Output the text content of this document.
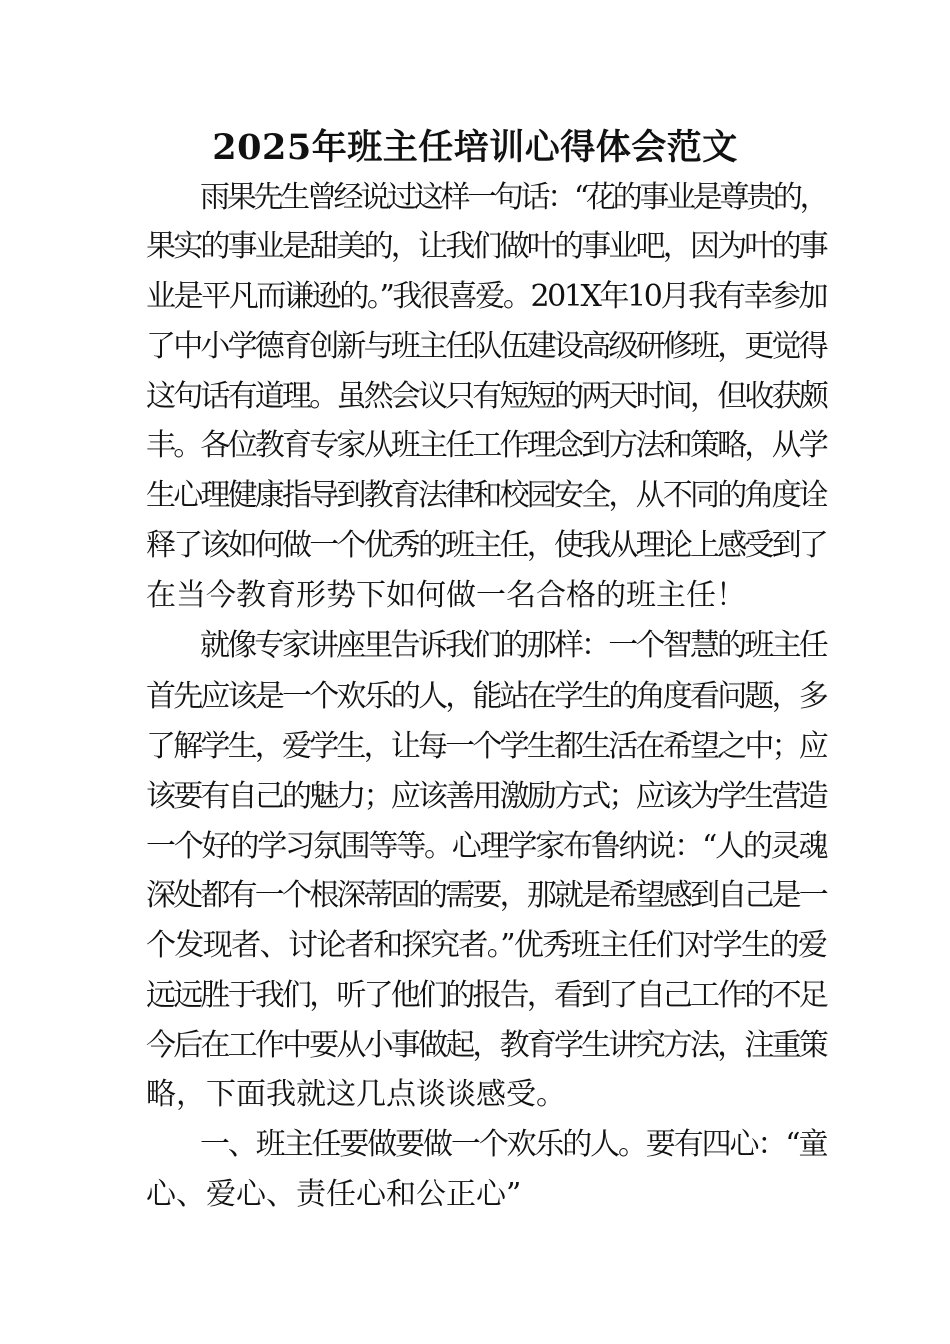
2025年班主任培训心得体会范文

雨果先生曾经说过这样一句话：“花的事业是尊贵的，

果实的事业是甜美的，让我们做叶的事业吧，因为叶的事

业是平凡而谦逊的。”我很喜爱。201X年10月我有幸参加

了中小学德育创新与班主任队伍建设高级研修班，更觉得

这句话有道理。虽然会议只有短短的两天时间，但收获颇

丰。各位教育专家从班主任工作理念到方法和策略，从学

生心理健康指导到教育法律和校园安全，从不同的角度诠

释了该如何做一个优秀的班主任，使我从理论上感受到了

在当今教育形势下如何做一名合格的班主任！

就像专家讲座里告诉我们的那样：一个智慧的班主任

首先应该是一个欢乐的人，能站在学生的角度看问题，多

了解学生，爱学生，让每一个学生都生活在希望之中；应

该要有自己的魅力；应该善用激励方式；应该为学生营造

一个好的学习氛围等等。心理学家布鲁纳说：“人的灵魂

深处都有一个根深蒂固的需要，那就是希望感到自己是一

个发现者、讨论者和探究者。”优秀班主任们对学生的爱

远远胜于我们，听了他们的报告，看到了自己工作的不足

今后在工作中要从小事做起，教育学生讲究方法，注重策

略，下面我就这几点谈谈感受。

一、班主任要做要做一个欢乐的人。要有四心：“童

心、爱心、责任心和公正心”
